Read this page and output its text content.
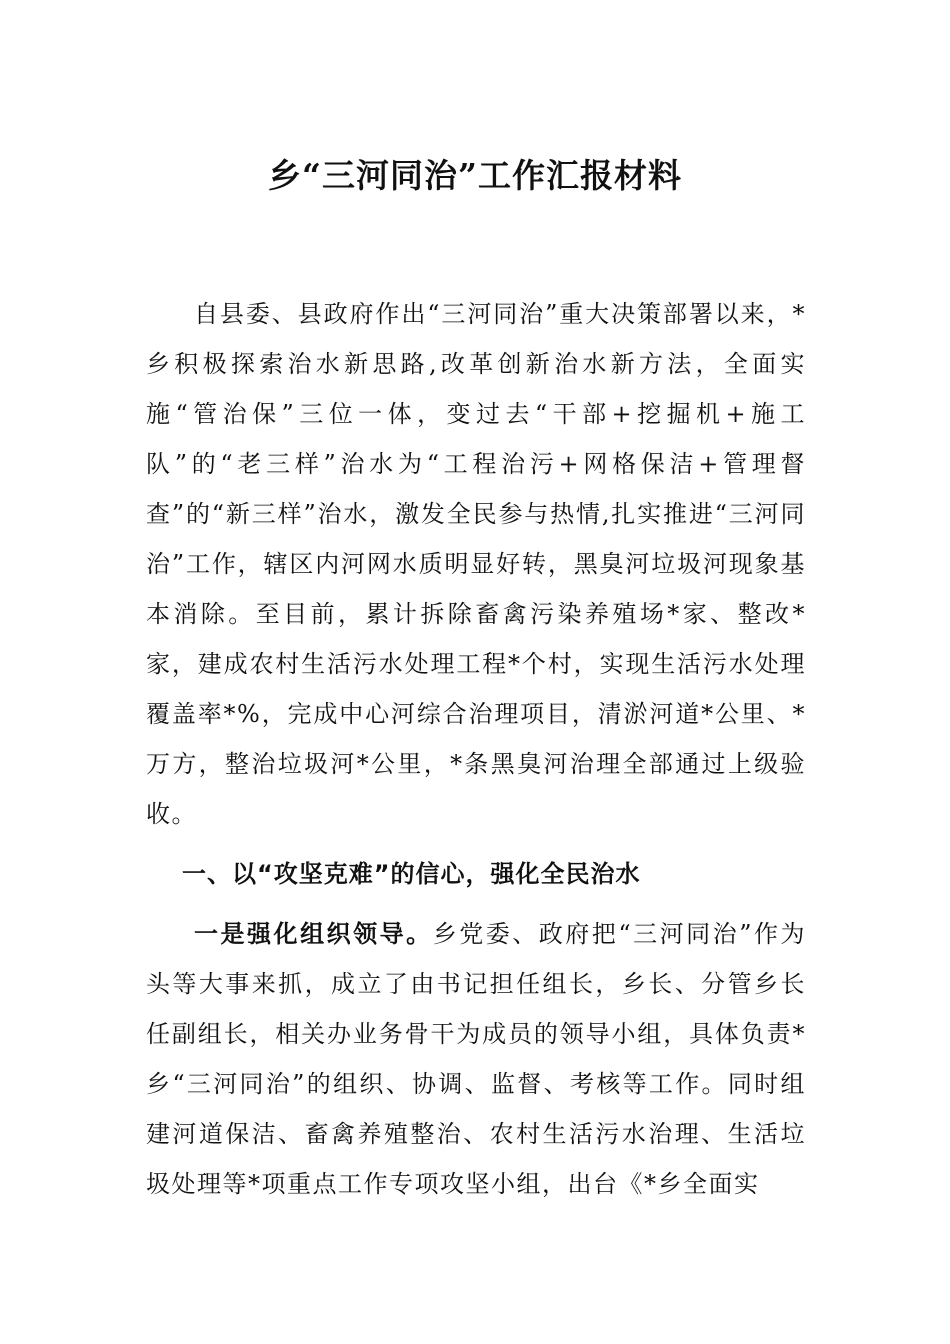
乡“三河同治”工作汇报材料

自县委、县政府作出“三河同治”重大决策部署以来，*乡积极探索治水新思路,改革创新治水新方法，全面实施“管治保”三位一体，变过去“干部+挖掘机+施工队”的“老三样”治水为“工程治污+网格保洁+管理督查”的“新三样”治水，激发全民参与热情,扎实推进“三河同治”工作，辖区内河网水质明显好转，黑臭河垃圾河现象基本消除。至目前，累计拆除畜禽污染养殖场*家、整改*家，建成农村生活污水处理工程*个村，实现生活污水处理覆盖率*%，完成中心河综合治理项目，清淤河道*公里、*万方，整治垃圾河*公里，*条黑臭河治理全部通过上级验收。

一、以“攻坚克难”的信心，强化全民治水

一是强化组织领导。乡党委、政府把“三河同治”作为头等大事来抓，成立了由书记担任组长，乡长、分管乡长任副组长，相关办业务骨干为成员的领导小组，具体负责*乡“三河同治”的组织、协调、监督、考核等工作。同时组建河道保洁、畜禽养殖整治、农村生活污水治理、生活垃圾处理等*项重点工作专项攻坚小组，出台《*乡全面实
